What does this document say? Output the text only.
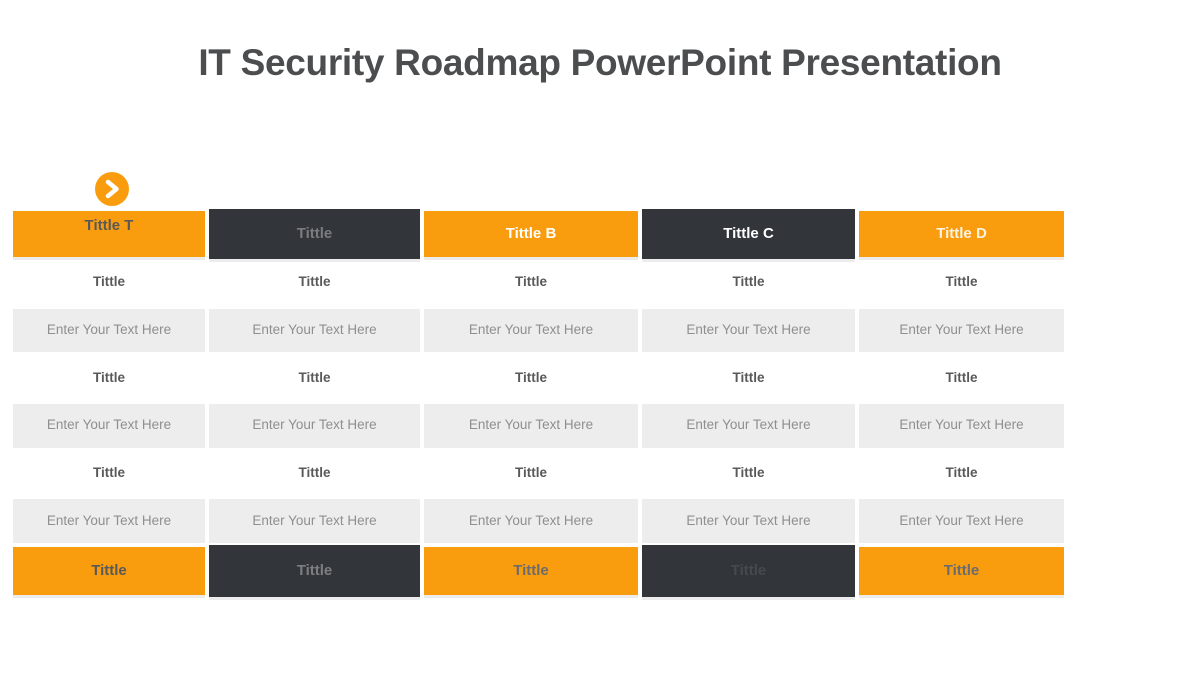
IT Security Roadmap PowerPoint Presentation
Tittle T	Tittle	Tittle B	Tittle C	Tittle D
Tittle	Tittle	Tittle	Tittle	Tittle
Enter Your Text Here	Enter Your Text Here	Enter Your Text Here	Enter Your Text Here	Enter Your Text Here
Tittle	Tittle	Tittle	Tittle	Tittle
Enter Your Text Here	Enter Your Text Here	Enter Your Text Here	Enter Your Text Here	Enter Your Text Here
Tittle	Tittle	Tittle	Tittle	Tittle
Enter Your Text Here	Enter Your Text Here	Enter Your Text Here	Enter Your Text Here	Enter Your Text Here
Tittle	Tittle	Tittle	Tittle	Tittle
